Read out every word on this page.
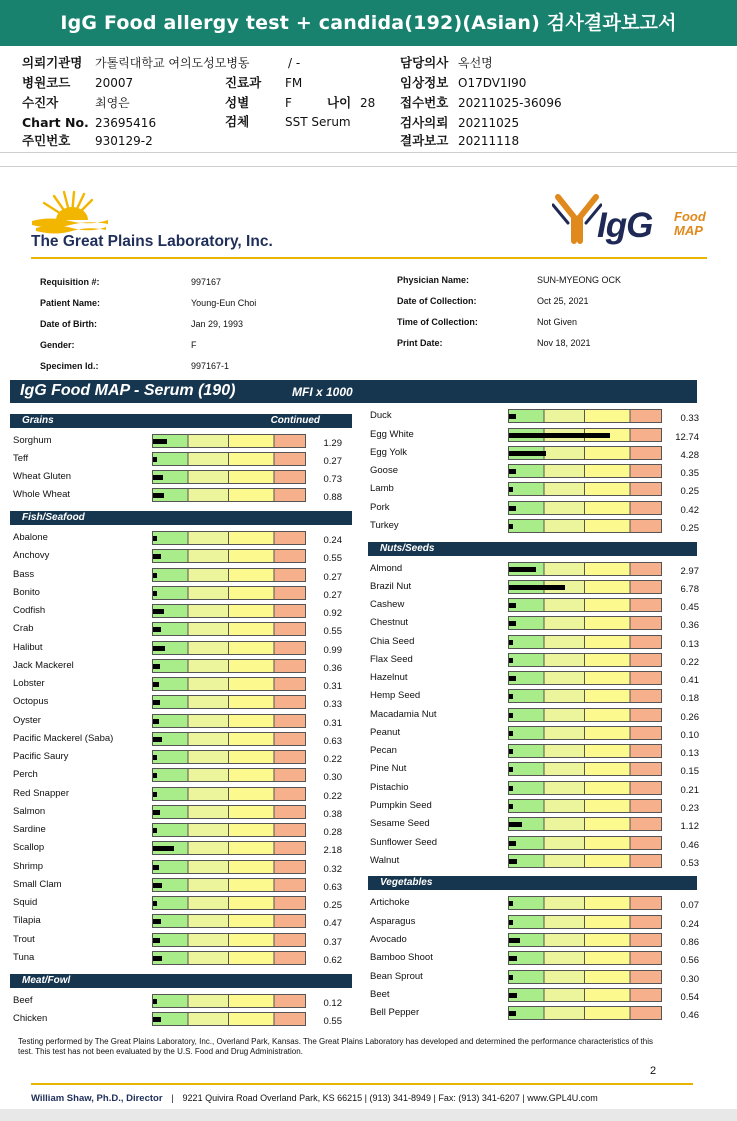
IgG Food allergy test + candida(192)(Asian) 검사결과보고서
의뢰기관명 가톨릭대학교 여의도성모병동
병원코드 20007
수진자	최영은
Chart No. 23695416
주민번호 930129-2
/ -
진료과 FM
성별	F	나이 28
검체	SST Serum
담당의사 옥선명
임상정보 O17DV1I90
접수번호 20211025-36096
검사의뢰 20211025
결과보고 20211118
The Great Plains Laboratory, Inc.	IgG Food
MAP
Requisition #:	997167
Patient Name:	Young-Eun Choi
Date of Birth:	Jan 29, 1993
Gender:	F
Specimen Id.:	997167-1
Physician Name:	SUN-MYEONG OCK
Date of Collection:	Oct 25, 2021
Time of Collection:	Not Given
Print Date:	Nov 18, 2021
IgG Food MAP - Serum (190)	MFI x 1000
Grains	Continued
Fish/Seafood
Meat/Fowl
Nuts/Seeds
Vegetables
Sorghum	1.29
Teff	0.27
Wheat Gluten	0.73
Whole Wheat	0.88
Abalone	0.24
Anchovy	0.55
Bass	0.27
Bonito	0.27
Codfish	0.92
Crab	0.55
Halibut	0.99
Jack Mackerel	0.36
Lobster	0.31
Octopus	0.33
Oyster	0.31
Pacific Mackerel (Saba)	0.63
Pacific Saury	0.22
Perch	0.30
Red Snapper	0.22
Salmon	0.38
Sardine	0.28
Scallop	2.18
Shrimp	0.32
Small Clam	0.63
Squid	0.25
Tilapia	0.47
Trout	0.37
Tuna	0.62
Beef	0.12
Chicken	0.55
Duck	0.33
Egg White	12.74
Egg Yolk	4.28
Goose	0.35
Lamb	0.25
Pork	0.42
Turkey	0.25
Almond	2.97
Brazil Nut	6.78
Cashew	0.45
Chestnut	0.36
Chia Seed	0.13
Flax Seed	0.22
Hazelnut	0.41
Hemp Seed	0.18
Macadamia Nut	0.26
Peanut	0.10
Pecan	0.13
Pine Nut	0.15
Pistachio	0.21
Pumpkin Seed	0.23
Sesame Seed	1.12
Sunflower Seed	0.46
Walnut	0.53
Artichoke	0.07
Asparagus	0.24
Avocado	0.86
Bamboo Shoot	0.56
Bean Sprout	0.30
Beet	0.54
Bell Pepper	0.46
Testing performed by The Great Plains Laboratory, Inc., Overland Park, Kansas. The Great Plains Laboratory has developed and determined the performance characteristics of this test. This test has not been evaluated by the U.S. Food and Drug Administration.
2
William Shaw, Ph.D., Director | 9221 Quivira Road Overland Park, KS 66215 | (913) 341-8949 | Fax: (913) 341-6207 | www.GPL4U.com
